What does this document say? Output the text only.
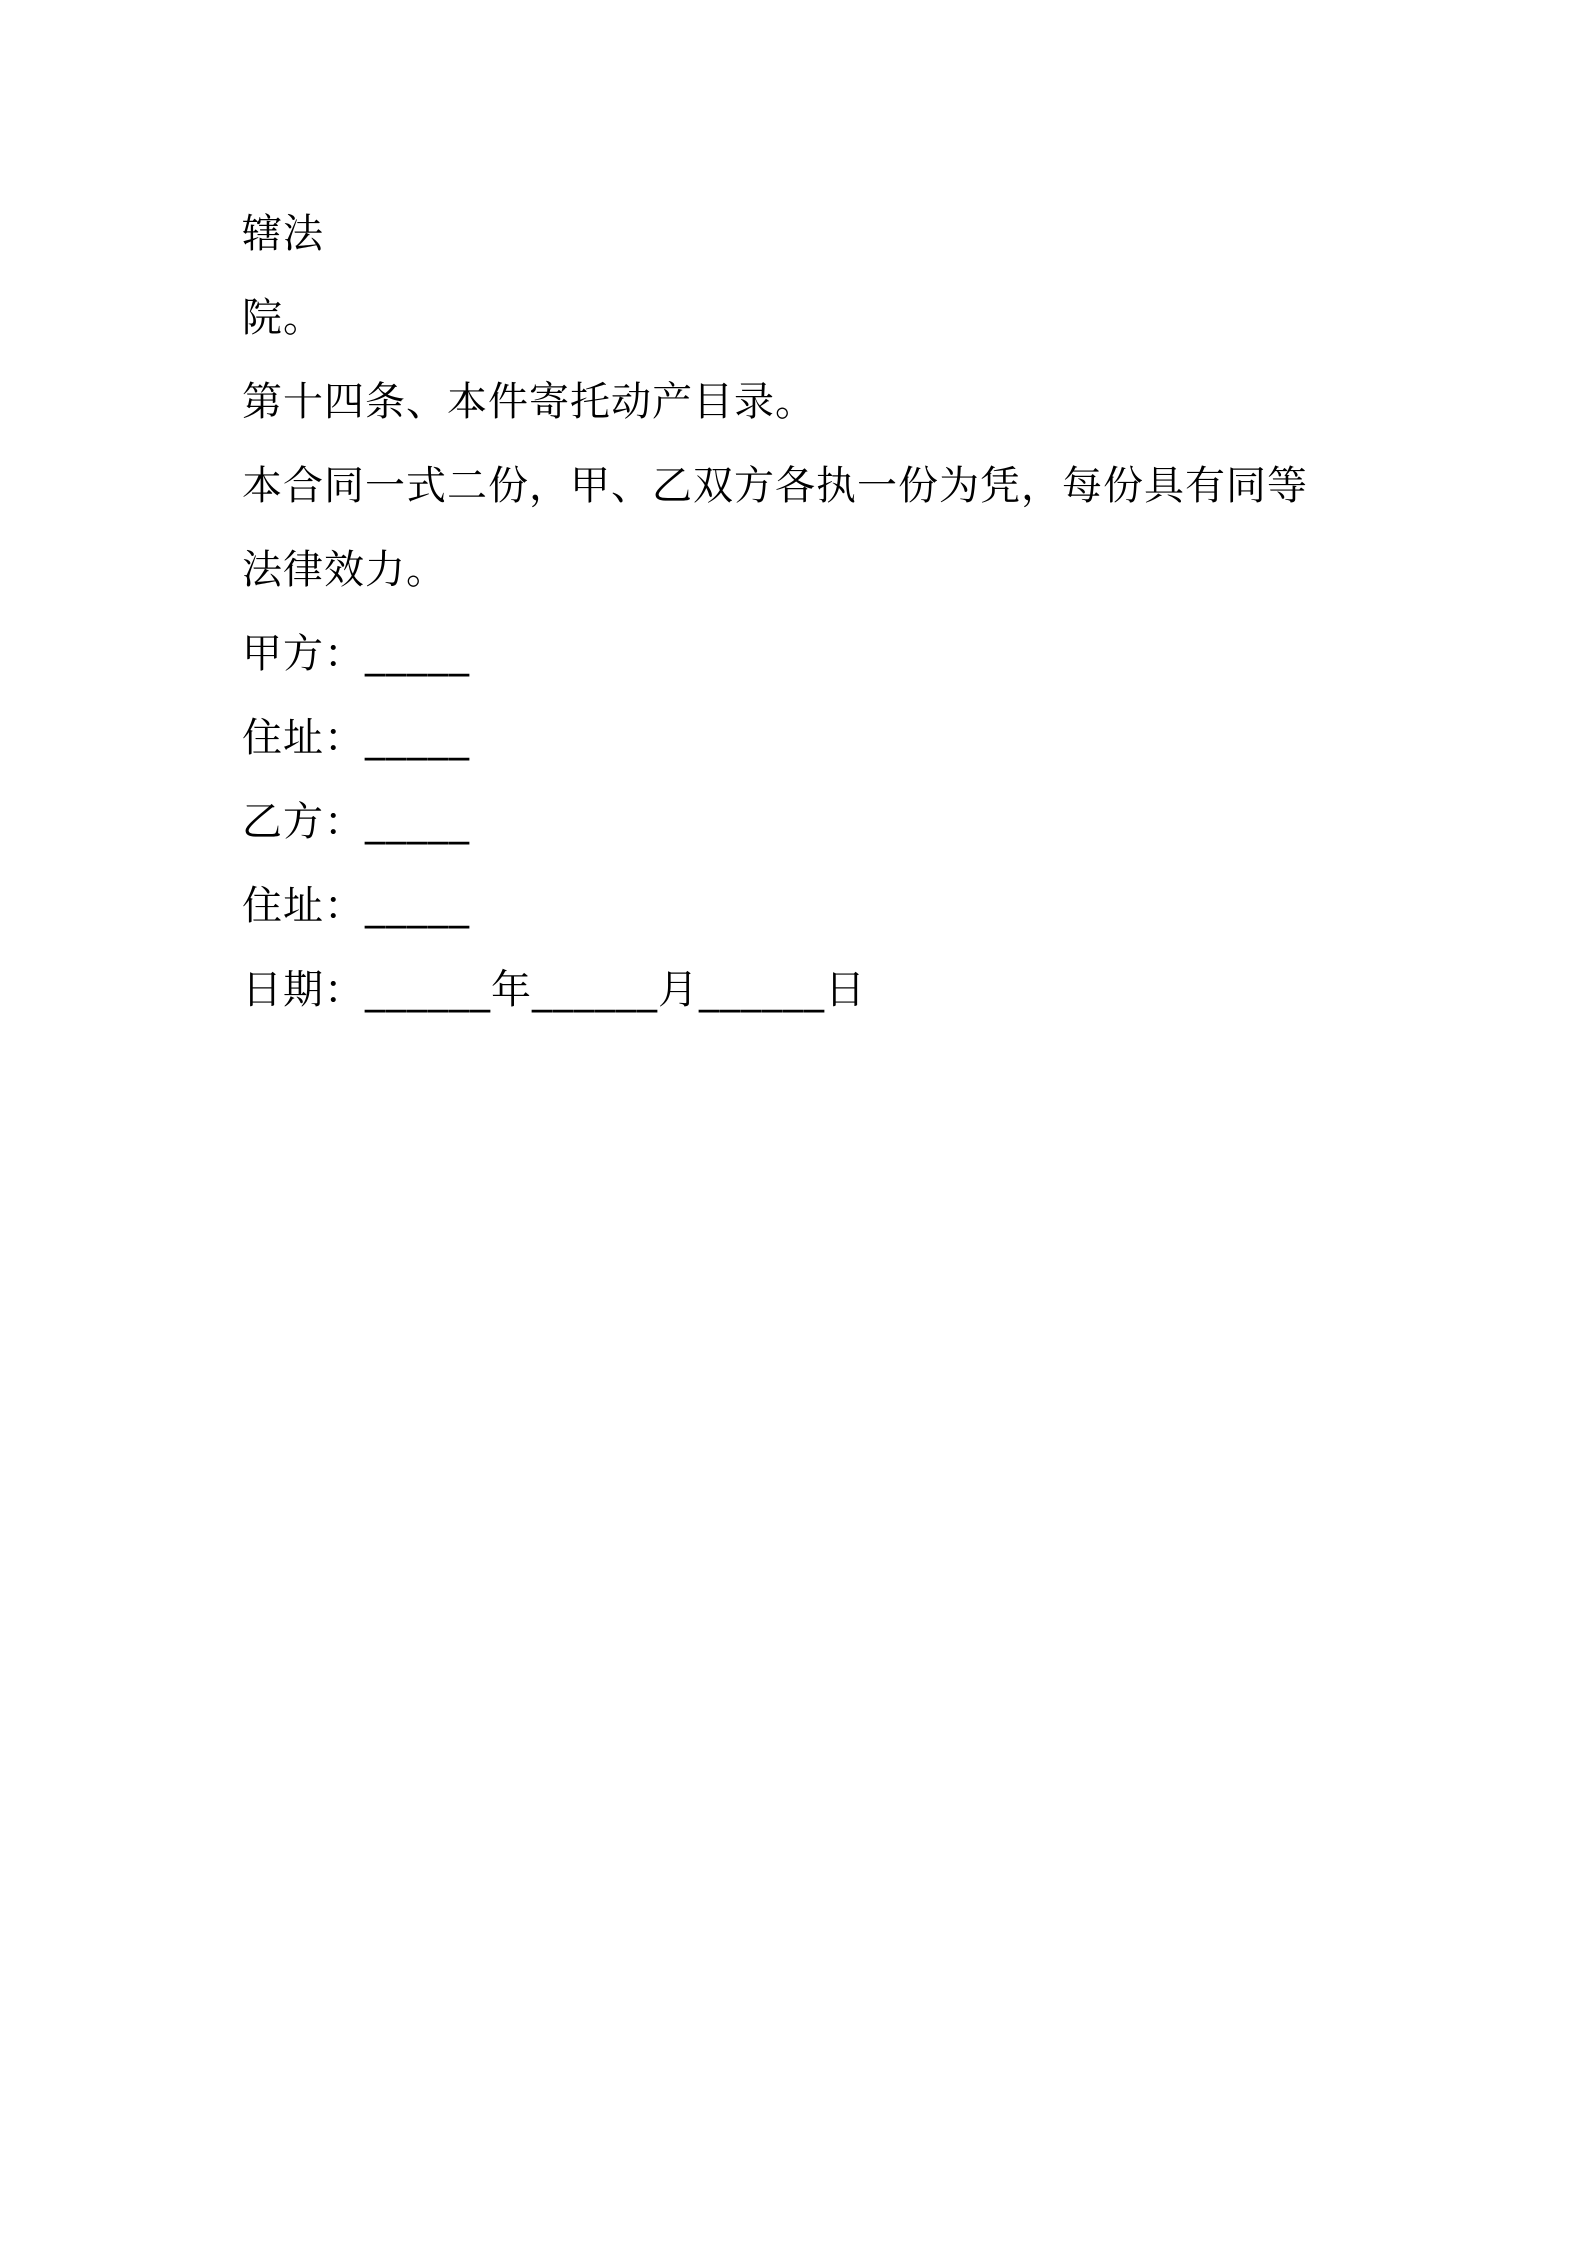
辖法
院。
第十四条、本件寄托动产目录。
本合同一式二份，甲、乙双方各执一份为凭，每份具有同等
法律效力。
甲方：_____
住址：_____
乙方：_____
住址：_____
日期：______年______月______日
